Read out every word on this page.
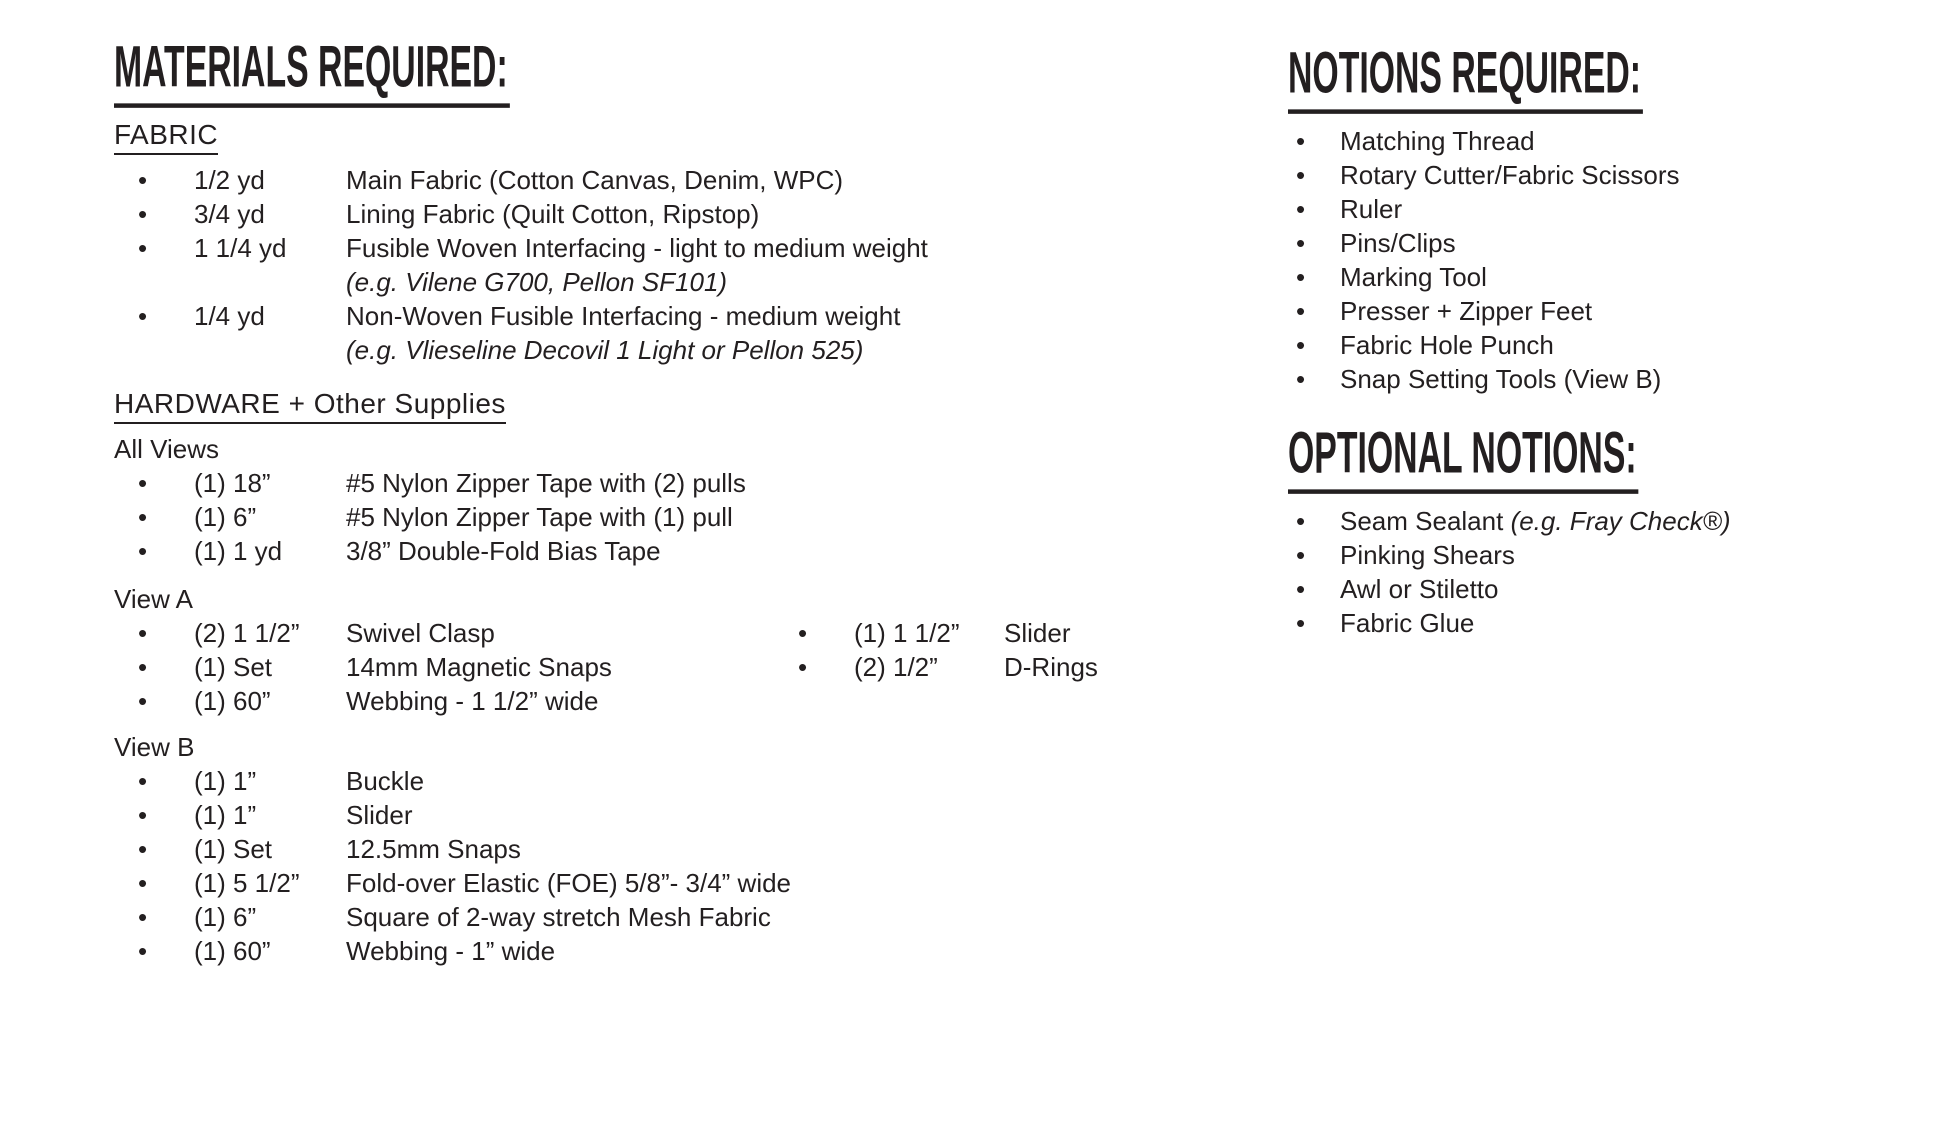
MATERIALS REQUIRED:
FABRIC
•	1/2 yd	Main Fabric (Cotton Canvas, Denim, WPC)
•	3/4 yd	Lining Fabric (Quilt Cotton, Ripstop)
•	1 1/4 yd	Fusible Woven Interfacing - light to medium weight
(e.g. Vilene G700, Pellon SF101)
•	1/4 yd	Non-Woven Fusible Interfacing - medium weight
(e.g. Vlieseline Decovil 1 Light or Pellon 525)
HARDWARE + Other Supplies
All Views
•	(1) 18”	#5 Nylon Zipper Tape with (2) pulls
•	(1) 6”	#5 Nylon Zipper Tape with (1) pull
•	(1) 1 yd	3/8” Double-Fold Bias Tape
View A
•	(2) 1 1/2”	Swivel Clasp
•	(1) Set	14mm Magnetic Snaps
•	(1) 60”	Webbing - 1 1/2” wide
•	(1) 1 1/2”	Slider
•	(2) 1/2”	D-Rings
View B
•	(1) 1”	Buckle
•	(1) 1”	Slider
•	(1) Set	12.5mm Snaps
•	(1) 5 1/2”	Fold-over Elastic (FOE) 5/8”- 3/4” wide
•	(1) 6”	Square of 2-way stretch Mesh Fabric
•	(1) 60”	Webbing - 1” wide
NOTIONS REQUIRED:
•	Matching Thread
•	Rotary Cutter/Fabric Scissors
•	Ruler
•	Pins/Clips
•	Marking Tool
•	Presser + Zipper Feet
•	Fabric Hole Punch
•	Snap Setting Tools (View B)
OPTIONAL NOTIONS:
•	Seam Sealant (e.g. Fray Check®)
•	Pinking Shears
•	Awl or Stiletto
•	Fabric Glue
